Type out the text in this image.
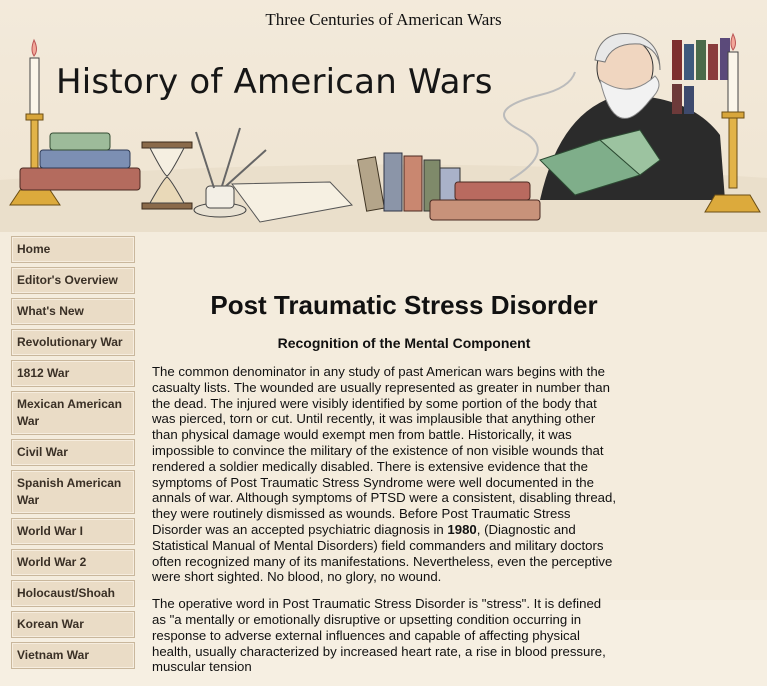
Three Centuries of American Wars
History of American Wars
Home
Editor's Overview
What's New
Revolutionary War
1812 War
Mexican American War
Civil War
Spanish American War
World War I
World War 2
Holocaust/Shoah
Korean War
Vietnam War
Post Traumatic Stress Disorder
Recognition of the Mental Component

The common denominator in any study of past American wars begins with the casualty lists. The wounded are usually represented as greater in number than the dead. The injured were visibly identified by some portion of the body that was pierced, torn or cut. Until recently, it was implausible that anything other than physical damage would exempt men from battle. Historically, it was impossible to convince the military of the existence of non visible wounds that rendered a soldier medically disabled. There is extensive evidence that the symptoms of Post Traumatic Stress Syndrome were well documented in the annals of war. Although symptoms of PTSD were a consistent, disabling thread, they were routinely dismissed as wounds. Before Post Traumatic Stress Disorder was an accepted psychiatric diagnosis in 1980, (Diagnostic and Statistical Manual of Mental Disorders) field commanders and military doctors often recognized many of its manifestations. Nevertheless, even the perceptive were short sighted. No blood, no glory, no wound.

The operative word in Post Traumatic Stress Disorder is "stress". It is defined as "a mentally or emotionally disruptive or upsetting condition occurring in response to adverse external influences and capable of affecting physical health, usually characterized by increased heart rate, a rise in blood pressure, muscular tension
